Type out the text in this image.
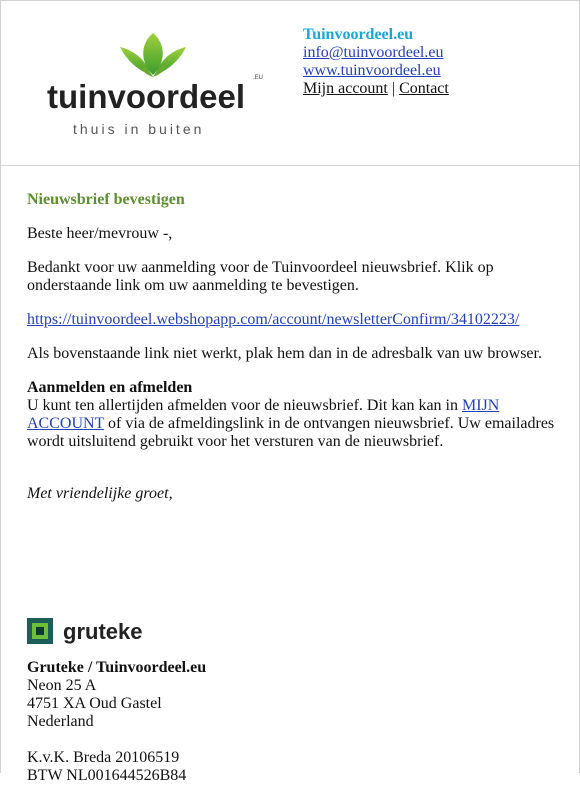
tuinvoordeel .EU
thuis in buiten
Tuinvoordeel.eu
info@tuinvoordeel.eu
www.tuinvoordeel.eu
Mijn account | Contact

Nieuwsbrief bevestigen

Beste heer/mevrouw -,

Bedankt voor uw aanmelding voor de Tuinvoordeel nieuwsbrief. Klik op onderstaande link om uw aanmelding te bevestigen.

https://tuinvoordeel.webshopapp.com/account/newsletterConfirm/34102223/

Als bovenstaande link niet werkt, plak hem dan in de adresbalk van uw browser.

Aanmelden en afmelden
U kunt ten allertijden afmelden voor de nieuwsbrief. Dit kan kan in MIJN ACCOUNT of via de afmeldingslink in de ontvangen nieuwsbrief. Uw emailadres wordt uitsluitend gebruikt voor het versturen van de nieuwsbrief.

Met vriendelijke groet,

gruteke
Gruteke / Tuinvoordeel.eu
Neon 25 A
4751 XA Oud Gastel
Nederland
K.v.K. Breda 20106519
BTW NL001644526B84
